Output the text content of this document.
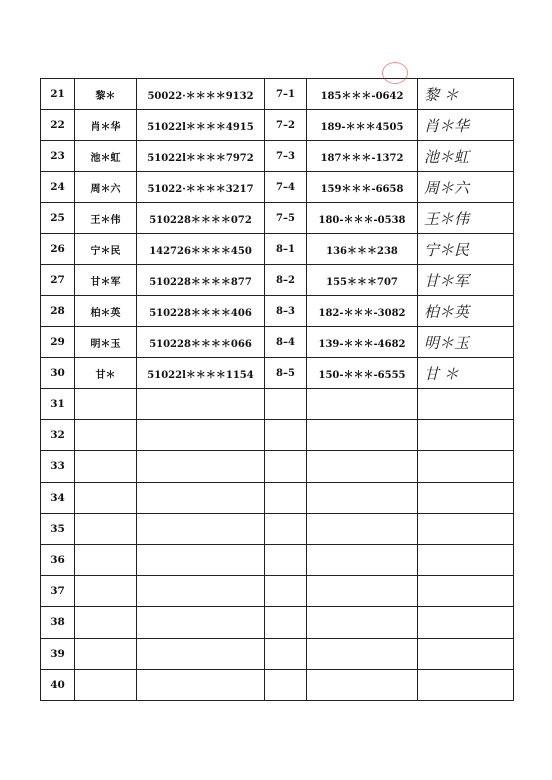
21	黎＊	50022·＊＊＊＊9132	7–1	185＊＊＊-0642	黎 ＊
22	肖＊华	51022l＊＊＊＊4915	7–2	189-＊＊＊4505	肖＊华
23	池＊虹	51022l＊＊＊＊7972	7–3	187＊＊＊-1372	池＊虹
24	周＊六	51022·＊＊＊＊3217	7–4	159＊＊＊-6658	周＊六
25	王＊伟	510228＊＊＊＊072	7–5	180-＊＊＊-0538	王＊伟
26	宁＊民	142726＊＊＊＊450	8–1	136＊＊＊238	宁＊民
27	甘＊军	510228＊＊＊＊877	8–2	155＊＊＊707	甘＊军
28	柏＊英	510228＊＊＊＊406	8–3	182-＊＊＊-3082	柏＊英
29	明＊玉	510228＊＊＊＊066	8–4	139-＊＊＊-4682	明＊玉
30	甘＊	51022l＊＊＊＊1154	8–5	150-＊＊＊-6555	甘 ＊
31					
32					
33					
34					
35					
36					
37					
38					
39					
40					
